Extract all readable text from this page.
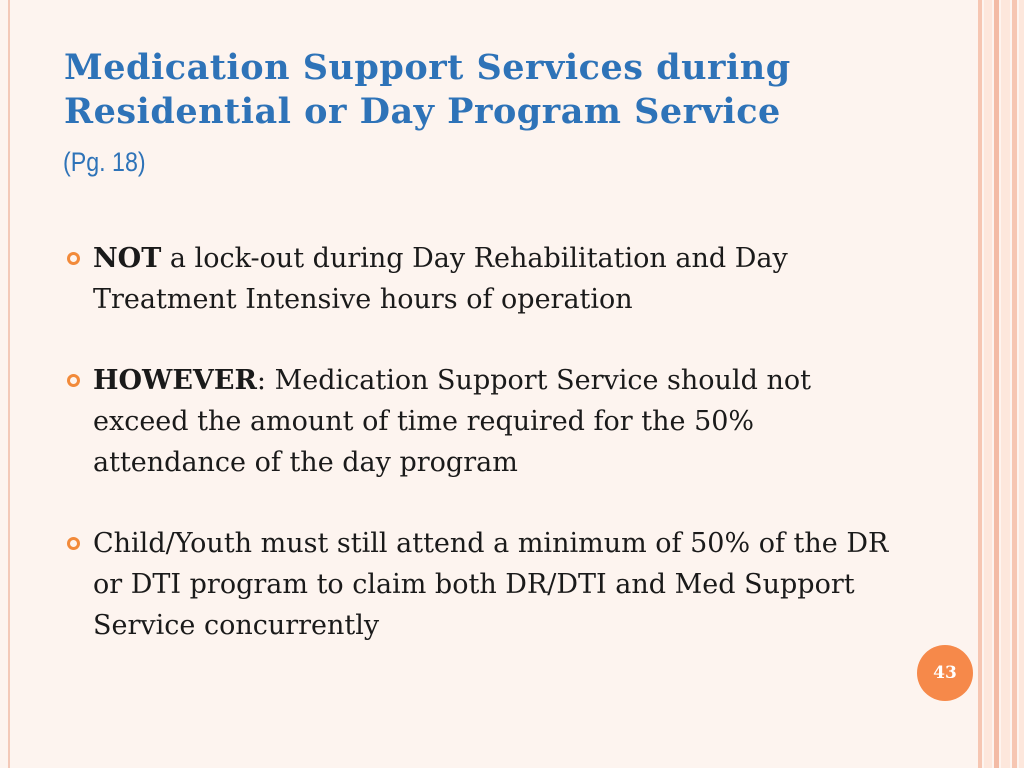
Medication Support Services during Residential or Day Program Service
(Pg. 18)
NOT a lock-out during Day Rehabilitation and Day Treatment Intensive hours of operation
HOWEVER: Medication Support Service should not exceed the amount of time required for the 50% attendance of the day program
Child/Youth must still attend a minimum of 50% of the DR or DTI program to claim both DR/DTI and Med Support Service concurrently
43
